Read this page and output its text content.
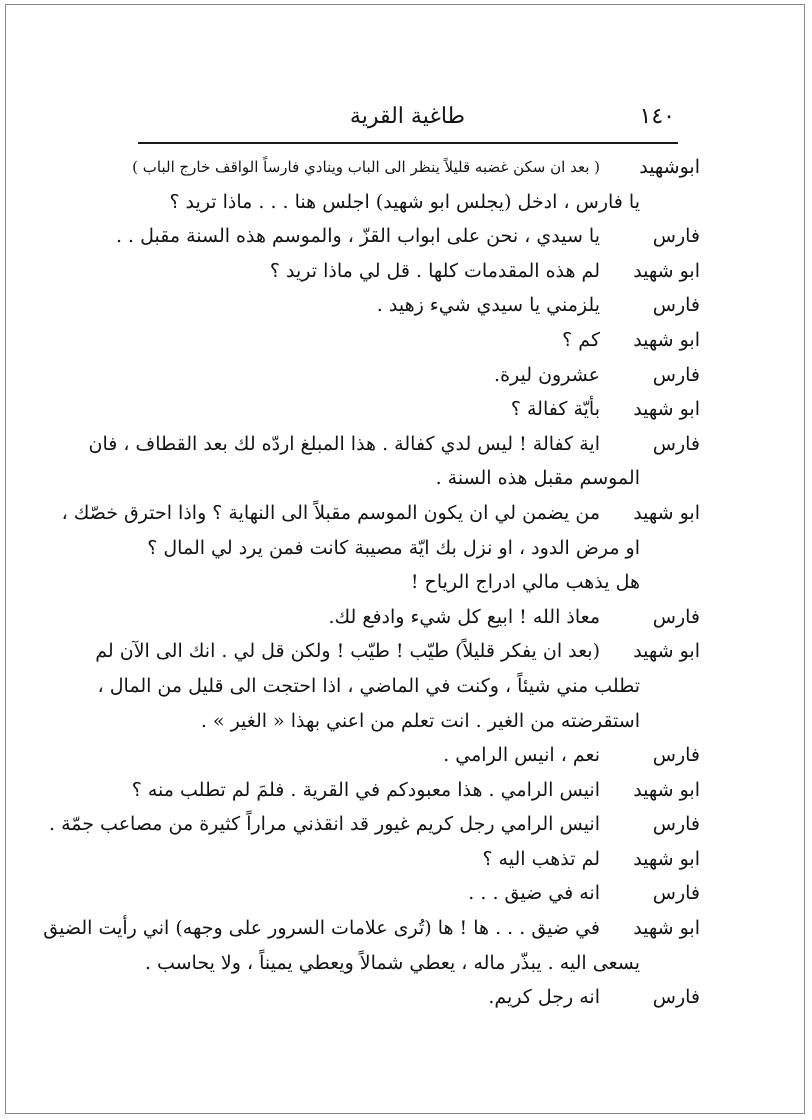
١٤٠
طاغية القرية
ابوشهيد
( بعد ان سكن غضبه قليلاً ينظر الى الباب وينادي فارساً الواقف خارج الباب )
يا فارس ، ادخل (يجلس ابو شهيد) اجلس هنا . . . ماذا تريد ؟
فارس
يا سيدي ، نحن على ابواب القزّ ، والموسم هذه السنة مقبل . .
ابو شهيد
لم هذه المقدمات كلها . قل لي ماذا تريد ؟
فارس
يلزمني يا سيدي شيء زهيد .
ابو شهيد
كم ؟
فارس
عشرون ليرة.
ابو شهيد
بأيّة كفالة ؟
فارس
اية كفالة ! ليس لدي كفالة . هذا المبلغ اردّه لك بعد القطاف ، فان
الموسم مقبل هذه السنة .
ابو شهيد
من يضمن لي ان يكون الموسم مقبلاً الى النهاية ؟ واذا احترق خصّك ،
او مرض الدود ، او نزل بك ايّة مصيبة كانت فمن يرد لي المال ؟
هل يذهب مالي ادراج الرياح !
فارس
معاذ الله ! ابيع كل شيء وادفع لك.
ابو شهيد
(بعد ان يفكر قليلاً) طيّب ! طيّب ! ولكن قل لي . انك الى الآن لم
تطلب مني شيئاً ، وكنت في الماضي ، اذا احتجت الى قليل من المال ،
استقرضته من الغير . انت تعلم من اعني بهذا « الغير » .
فارس
نعم ، انيس الرامي .
ابو شهيد
انيس الرامي . هذا معبودكم في القرية . فلمَ لم تطلب منه ؟
فارس
انيس الرامي رجل كريم غيور قد انقذني مراراً كثيرة من مصاعب جمّة .
ابو شهيد
لم تذهب اليه ؟
فارس
انه في ضيق . . .
ابو شهيد
في ضيق . . . ها ! ها (تُرى علامات السرور على وجهه) اني رأيت الضيق
يسعى اليه . يبذّر ماله ، يعطي شمالاً ويعطي يميناً ، ولا يحاسب .
فارس
انه رجل كريم.
